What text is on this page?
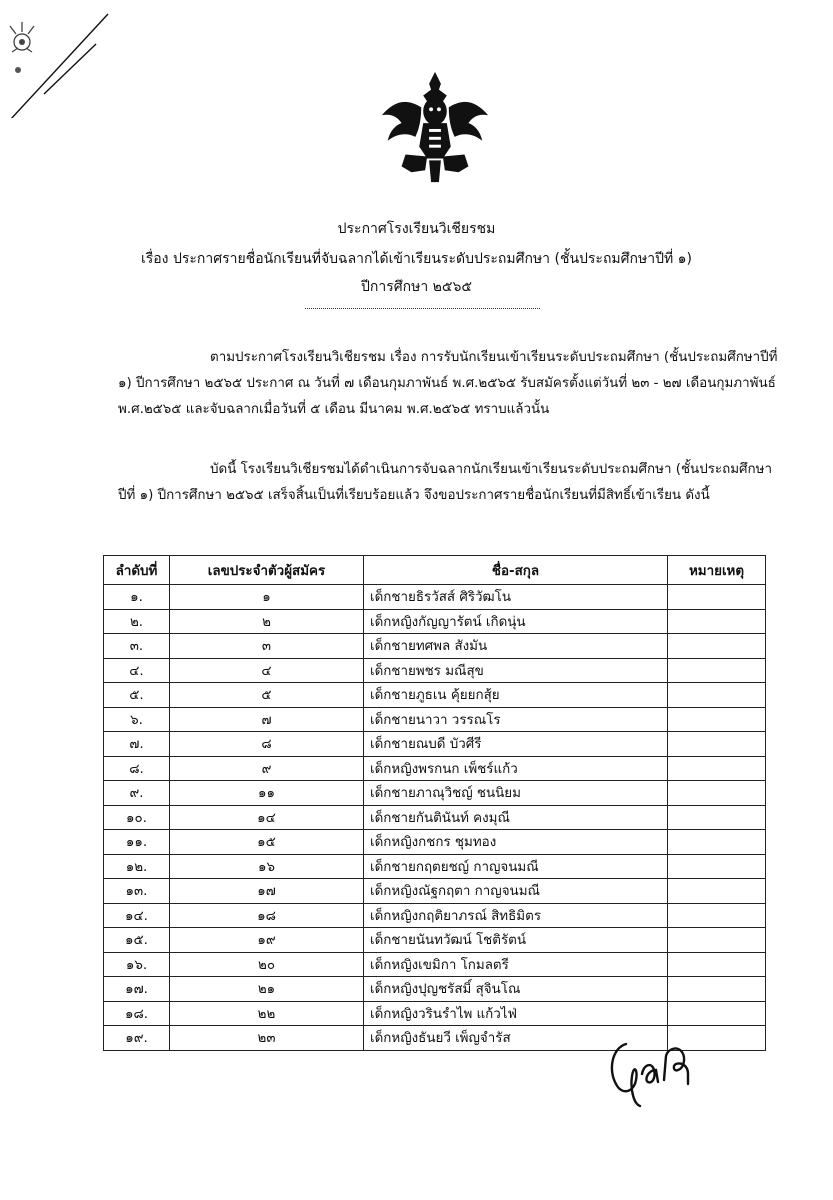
ประกาศโรงเรียนวิเชียรชม
เรื่อง ประกาศรายชื่อนักเรียนที่จับฉลากได้เข้าเรียนระดับประถมศึกษา (ชั้นประถมศึกษาปีที่ ๑)
ปีการศึกษา ๒๕๖๕

ตามประกาศโรงเรียนวิเชียรชม เรื่อง การรับนักเรียนเข้าเรียนระดับประถมศึกษา (ชั้นประถมศึกษาปีที่ ๑) ปีการศึกษา ๒๕๖๕ ประกาศ ณ วันที่ ๗ เดือนกุมภาพันธ์ พ.ศ.๒๕๖๕ รับสมัครตั้งแต่วันที่ ๒๓ - ๒๗ เดือนกุมภาพันธ์ พ.ศ.๒๕๖๕ และจับฉลากเมื่อวันที่ ๕ เดือน มีนาคม พ.ศ.๒๕๖๕ ทราบแล้วนั้น

บัดนี้ โรงเรียนวิเชียรชมได้ดำเนินการจับฉลากนักเรียนเข้าเรียนระดับประถมศึกษา (ชั้นประถมศึกษาปีที่ ๑) ปีการศึกษา ๒๕๖๕ เสร็จสิ้นเป็นที่เรียบร้อยแล้ว จึงขอประกาศรายชื่อนักเรียนที่มีสิทธิ์เข้าเรียน ดังนี้

ลำดับที่	เลขประจำตัวผู้สมัคร	ชื่อ-สกุล	หมายเหตุ
๑.	๑	เด็กชายธิรวัสส์ ศิริวัฒโน	
๒.	๒	เด็กหญิงกัญญารัตน์ เกิดนุ่น	
๓.	๓	เด็กชายทศพล สังมัน	
๔.	๔	เด็กชายพชร มณีสุข	
๕.	๕	เด็กชายภูธเน คุ้ยยกสุ้ย	
๖.	๗	เด็กชายนาวา วรรณโร	
๗.	๘	เด็กชายณบดี บัวศีรี	
๘.	๙	เด็กหญิงพรกนก เพ็ชร์แก้ว	
๙.	๑๑	เด็กชายภาณุวิชญ์ ชนนิยม	
๑๐.	๑๔	เด็กชายกันตินันท์ คงมุณี	
๑๑.	๑๕	เด็กหญิงกชกร ชุมทอง	
๑๒.	๑๖	เด็กชายกฤตยชญ์ กาญจนมณี	
๑๓.	๑๗	เด็กหญิงณัฐกฤตา กาญจนมณี	
๑๔.	๑๘	เด็กหญิงกฤติยาภรณ์ สิทธิมิตร	
๑๕.	๑๙	เด็กชายนันทวัฒน์ โชติรัตน์	
๑๖.	๒๐	เด็กหญิงเขมิกา โกมลตรี	
๑๗.	๒๑	เด็กหญิงปุญชรัสมิ์ สุจินโณ	
๑๘.	๒๒	เด็กหญิงวรินรำไพ แก้วไฟ่	
๑๙.	๒๓	เด็กหญิงธันยวี เพ็ญจำรัส	
